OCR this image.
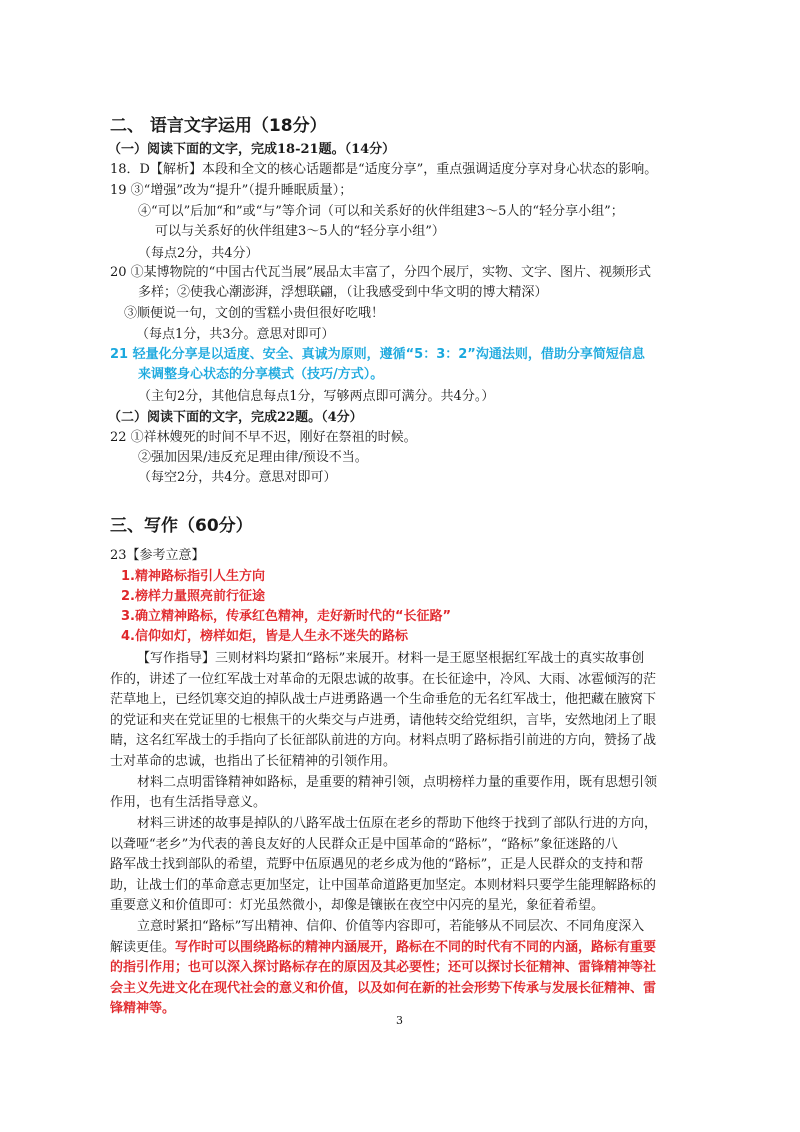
二、 语言文字运用（18分）
（一）阅读下面的文字，完成18-21题。（14分）
18．D【解析】本段和全文的核心话题都是“适度分享”，重点强调适度分享对身心状态的影响。
19 ③“增强”改为“提升”（提升睡眠质量）；
④“可以”后加“和”或“与”等介词（可以和关系好的伙伴组建3～5人的“轻分享小组”；
可以与关系好的伙伴组建3～5人的“轻分享小组”）
（每点2分，共4分）
20 ①某博物院的“中国古代瓦当展”展品太丰富了，分四个展厅，实物、文字、图片、视频形式
多样；②使我心潮澎湃，浮想联翩，（让我感受到中华文明的博大精深）
③顺便说一句，文创的雪糕小贵但很好吃哦！
（每点1分，共3分。意思对即可）
21 轻量化分享是以适度、安全、真诚为原则，遵循“5：3：2”沟通法则，借助分享简短信息
来调整身心状态的分享模式（技巧/方式）。
（主句2分，其他信息每点1分，写够两点即可满分。共4分。）
（二）阅读下面的文字，完成22题。（4分）
22 ①祥林嫂死的时间不早不迟，刚好在祭祖的时候。
②强加因果/违反充足理由律/预设不当。
（每空2分，共4分。意思对即可）
三、写作（60分）
23【参考立意】
1.精神路标指引人生方向
2.榜样力量照亮前行征途
3.确立精神路标，传承红色精神，走好新时代的“长征路”
4.信仰如灯，榜样如炬，皆是人生永不迷失的路标
【写作指导】三则材料均紧扣“路标”来展开。材料一是王愿坚根据红军战士的真实故事创
作的，讲述了一位红军战士对革命的无限忠诚的故事。在长征途中，冷风、大雨、冰雹倾泻的茫
茫草地上，已经饥寒交迫的掉队战士卢进勇路遇一个生命垂危的无名红军战士，他把藏在腋窝下
的党证和夹在党证里的七根焦干的火柴交与卢进勇，请他转交给党组织，言毕，安然地闭上了眼
睛，这名红军战士的手指向了长征部队前进的方向。材料点明了路标指引前进的方向，赞扬了战
士对革命的忠诚，也指出了长征精神的引领作用。
材料二点明雷锋精神如路标，是重要的精神引领，点明榜样力量的重要作用，既有思想引领
作用，也有生活指导意义。
材料三讲述的故事是掉队的八路军战士伍原在老乡的帮助下他终于找到了部队行进的方向，
以聋哑“老乡”为代表的善良友好的人民群众正是中国革命的“路标”，“路标”象征迷路的八
路军战士找到部队的希望，荒野中伍原遇见的老乡成为他的“路标”，正是人民群众的支持和帮
助，让战士们的革命意志更加坚定，让中国革命道路更加坚定。本则材料只要学生能理解路标的
重要意义和价值即可：灯光虽然微小，却像是镶嵌在夜空中闪亮的星光，象征着希望。
立意时紧扣“路标”写出精神、信仰、价值等内容即可，若能够从不同层次、不同角度深入
解读更佳。写作时可以围绕路标的精神内涵展开，路标在不同的时代有不同的内涵，路标有重要
的指引作用；也可以深入探讨路标存在的原因及其必要性；还可以探讨长征精神、雷锋精神等社
会主义先进文化在现代社会的意义和价值，以及如何在新的社会形势下传承与发展长征精神、雷
锋精神等。
3
